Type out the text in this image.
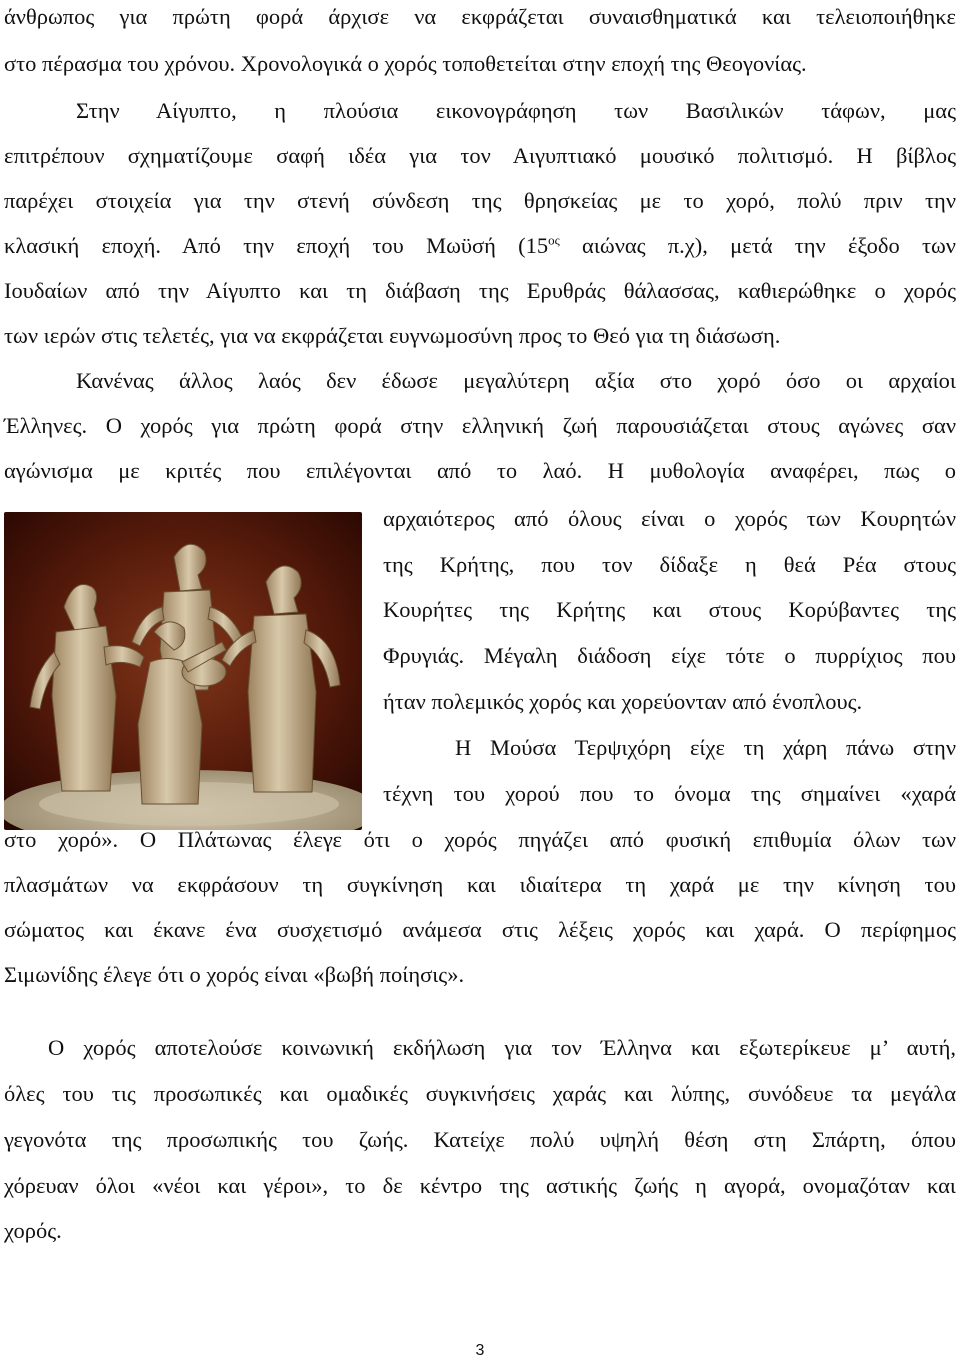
άνθρωπος για πρώτη φορά άρχισε να εκφράζεται συναισθηματικά και τελειοποιήθηκε
στο πέρασμα του χρόνου. Χρονολογικά ο χορός τοποθετείται στην εποχή της Θεογονίας.
Στην Αίγυπτο, η πλούσια εικονογράφηση των Βασιλικών τάφων, μας
επιτρέπουν σχηματίζουμε σαφή ιδέα για τον Αιγυπτιακό μουσικό πολιτισμό. Η βίβλος
παρέχει στοιχεία για την στενή σύνδεση της θρησκείας με το χορό, πολύ πριν την
κλασική εποχή. Από την εποχή του Μωϋσή ($15^{o\varsigma}$ αιώνας π.χ), μετά την έξοδο των
Ιουδαίων από την Αίγυπτο και τη διάβαση της Ερυθράς θάλασσας, καθιερώθηκε ο χορός
των ιερών στις τελετές, για να εκφράζεται ευγνωμοσύνη προς το Θεό για τη διάσωση.
Κανένας άλλος λαός δεν έδωσε μεγαλύτερη αξία στο χορό όσο οι αρχαίοι
Έλληνες. Ο χορός για πρώτη φορά στην ελληνική ζωή παρουσιάζεται στους αγώνες σαν
αγώνισμα με κριτές που επιλέγονται από το λαό. Η μυθολογία αναφέρει, πως ο
αρχαιότερος από όλους είναι ο χορός των Κουρητών
της Κρήτης, που τον δίδαξε η θεά Ρέα στους
Κουρήτες της Κρήτης και στους Κορύβαντες της
Φρυγιάς. Μέγαλη διάδοση είχε τότε ο πυρρίχιος που
ήταν πολεμικός χορός και χορεύονταν από ένοπλους.
Η Μούσα Τερψιχόρη είχε τη χάρη πάνω στην
τέχνη του χορού που το όνομα της σημαίνει «χαρά
στο χορό». Ο Πλάτωνας έλεγε ότι ο χορός πηγάζει από φυσική επιθυμία όλων των
πλασμάτων να εκφράσουν τη συγκίνηση και ιδιαίτερα τη χαρά με την κίνηση του
σώματος και έκανε ένα συσχετισμό ανάμεσα στις λέξεις χορός και χαρά. Ο περίφημος
Σιμωνίδης έλεγε ότι ο χορός είναι «βωβή ποίησις».
Ο χορός αποτελούσε κοινωνική εκδήλωση για τον Έλληνα και εξωτερίκευε μ’ αυτή,
όλες του τις προσωπικές και ομαδικές συγκινήσεις χαράς και λύπης, συνόδευε τα μεγάλα
γεγονότα της προσωπικής του ζωής. Κατείχε πολύ υψηλή θέση στη Σπάρτη, όπου
χόρευαν όλοι «νέοι και γέροι», το δε κέντρο της αστικής ζωής η αγορά, ονομαζόταν και
χορός.
3
